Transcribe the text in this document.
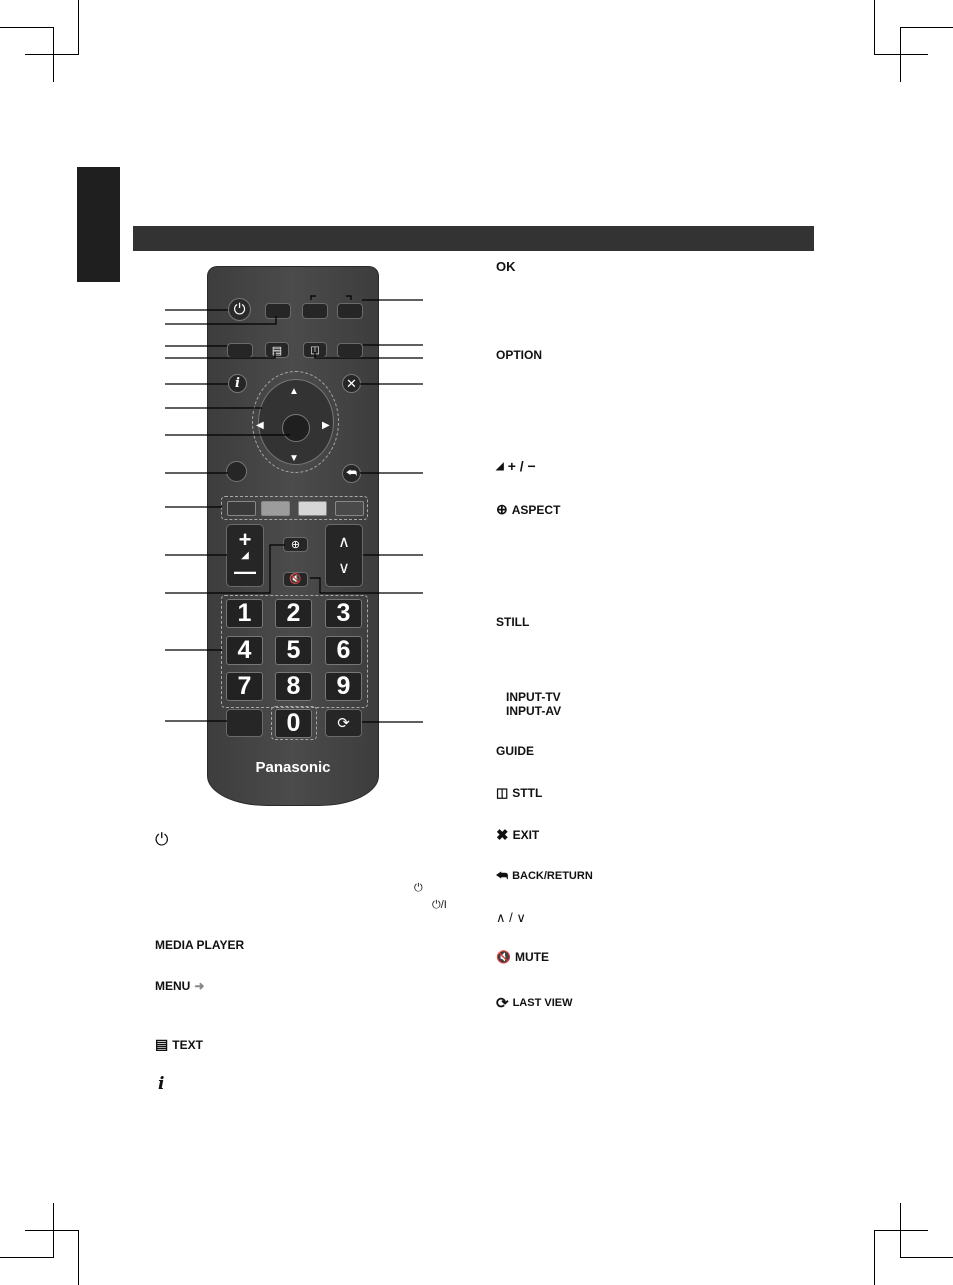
⏻
▤	◫
i	✕
▲
▼
◀	▶
⮪
+
◢
—
⊕
🔇
∧
∨
1	2	3
4	5	6
7	8	9
0	⟳
Panasonic
OK
OPTION
◢ + / −
⊕ ASPECT
STILL
INPUT-TV
INPUT-AV
GUIDE
◫ STTL
✖ EXIT
⮪ BACK/RETURN
∧ / ∨
🔇 MUTE
⟳ LAST VIEW
⏻
⏻
⏻/I
MEDIA PLAYER
MENU ➜
▤ TEXT
i
